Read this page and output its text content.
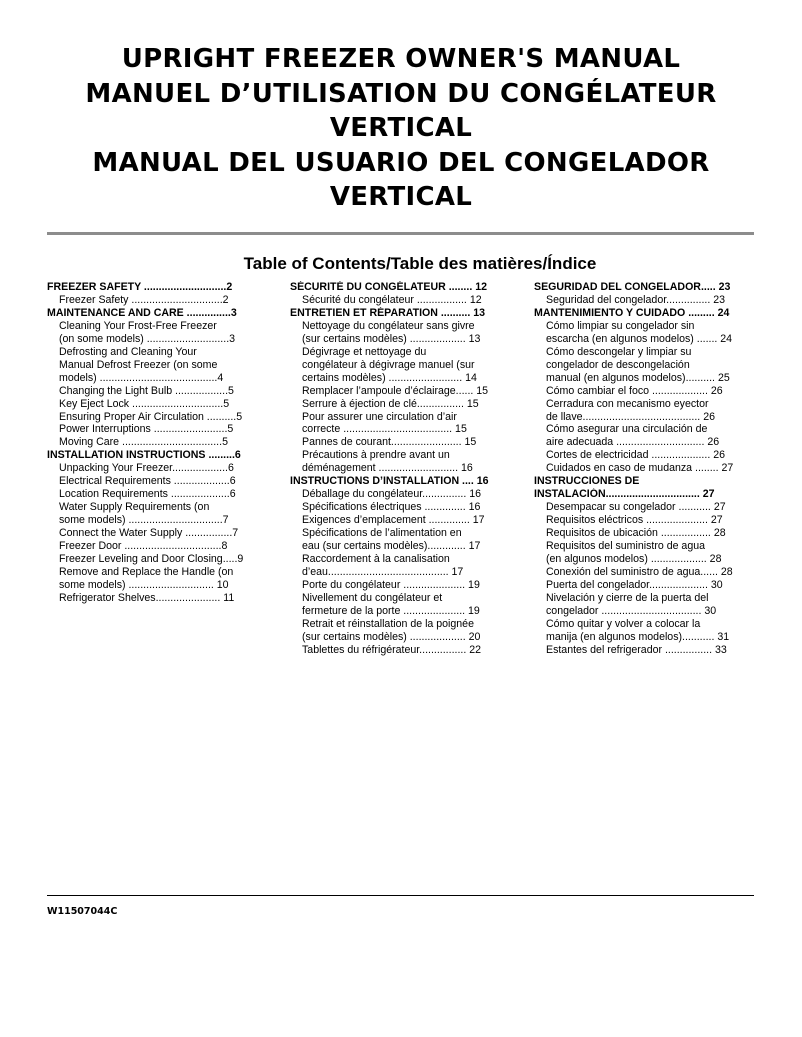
UPRIGHT FREEZER OWNER'S MANUAL
MANUEL D’UTILISATION DU CONGÉLATEUR
VERTICAL
MANUAL DEL USUARIO DEL CONGELADOR
VERTICAL
Table of Contents/Table des matières/Índice
FREEZER SAFETY ............................2
Freezer Safety ...............................2
MAINTENANCE AND CARE ...............3
Cleaning Your Frost-Free Freezer
(on some models) ............................3
Defrosting and Cleaning Your
Manual Defrost Freezer (on some
models) ........................................4
Changing the Light Bulb ..................5
Key Eject Lock ...............................5
Ensuring Proper Air Circulation ..........5
Power Interruptions .........................5
Moving Care ..................................5
INSTALLATION INSTRUCTIONS .........6
Unpacking Your Freezer...................6
Electrical Requirements ...................6
Location Requirements ....................6
Water Supply Requirements (on
some models) ................................7
Connect the Water Supply ................7
Freezer Door .................................8
Freezer Leveling and Door Closing.....9
Remove and Replace the Handle (on
some models) ............................. 10
Refrigerator Shelves...................... 11
SÉCURITÉ DU CONGÉLATEUR ........ 12
Sécurité du congélateur ................. 12
ENTRETIEN ET RÉPARATION .......... 13
Nettoyage du congélateur sans givre
(sur certains modèles) ................... 13
Dégivrage et nettoyage du
congélateur à dégivrage manuel (sur
certains modèles) ......................... 14
Remplacer l’ampoule d’éclairage...... 15
Serrure à éjection de clé................ 15
Pour assurer une circulation d’air
correcte ..................................... 15
Pannes de courant........................ 15
Précautions à prendre avant un
déménagement ........................... 16
INSTRUCTIONS D’INSTALLATION .... 16
Déballage du congélateur............... 16
Spécifications électriques .............. 16
Exigences d’emplacement .............. 17
Spécifications de l’alimentation en
eau (sur certains modèles)............. 17
Raccordement à la canalisation
d’eau......................................... 17
Porte du congélateur ..................... 19
Nivellement du congélateur et
fermeture de la porte ..................... 19
Retrait et réinstallation de la poignée
(sur certains modèles) ................... 20
Tablettes du réfrigérateur................ 22
SEGURIDAD DEL CONGELADOR..... 23
Seguridad del congelador............... 23
MANTENIMIENTO Y CUIDADO ......... 24
Cómo limpiar su congelador sin
escarcha (en algunos modelos) ....... 24
Cómo descongelar y limpiar su
congelador de descongelación
manual (en algunos modelos).......... 25
Cómo cambiar el foco ................... 26
Cerradura con mecanismo eyector
de llave........................................ 26
Cómo asegurar una circulación de
aire adecuada .............................. 26
Cortes de electricidad .................... 26
Cuidados en caso de mudanza ........ 27
INSTRUCCIONES DE
INSTALACIÓN................................ 27
Desempacar su congelador ........... 27
Requisitos eléctricos ..................... 27
Requisitos de ubicación ................. 28
Requisitos del suministro de agua
(en algunos modelos) ................... 28
Conexión del suministro de agua...... 28
Puerta del congelador.................... 30
Nivelación y cierre de la puerta del
congelador .................................. 30
Cómo quitar y volver a colocar la
manija (en algunos modelos)........... 31
Estantes del refrigerador ................ 33
W11507044C
